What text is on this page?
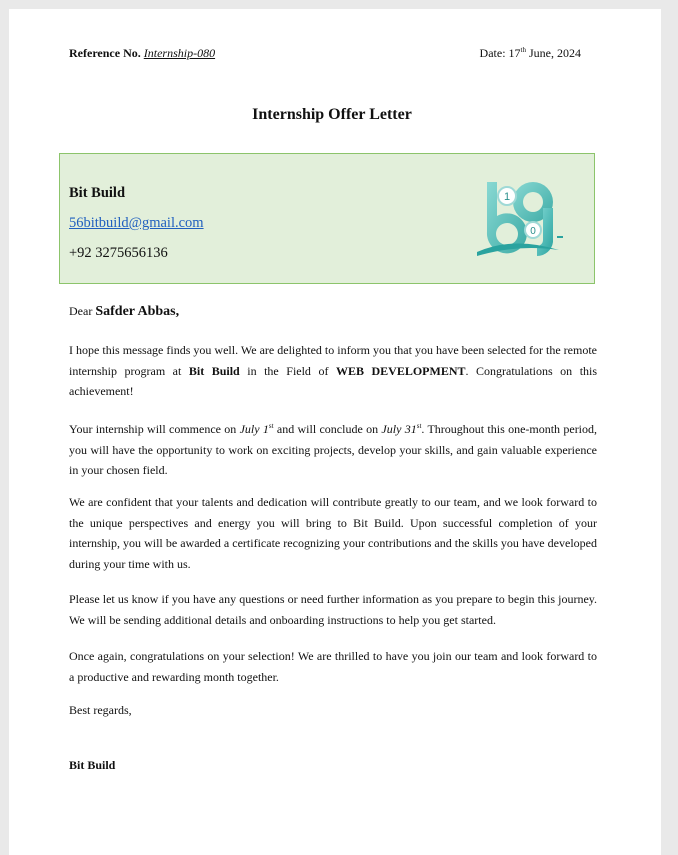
Reference No. Internship-080	Date: 17th June, 2024
Internship Offer Letter
Bit Build
56bitbuild@gmail.com
+92 3275656136
1
0
Dear Safder Abbas,
I hope this message finds you well. We are delighted to inform you that you have been selected for the remote internship program at Bit Build in the Field of WEB DEVELOPMENT. Congratulations on this achievement!
Your internship will commence on July 1st and will conclude on July 31st. Throughout this one-month period, you will have the opportunity to work on exciting projects, develop your skills, and gain valuable experience in your chosen field.
We are confident that your talents and dedication will contribute greatly to our team, and we look forward to the unique perspectives and energy you will bring to Bit Build. Upon successful completion of your internship, you will be awarded a certificate recognizing your contributions and the skills you have developed during your time with us.
Please let us know if you have any questions or need further information as you prepare to begin this journey. We will be sending additional details and onboarding instructions to help you get started.
Once again, congratulations on your selection! We are thrilled to have you join our team and look forward to a productive and rewarding month together.
Best regards,
Bit Build
